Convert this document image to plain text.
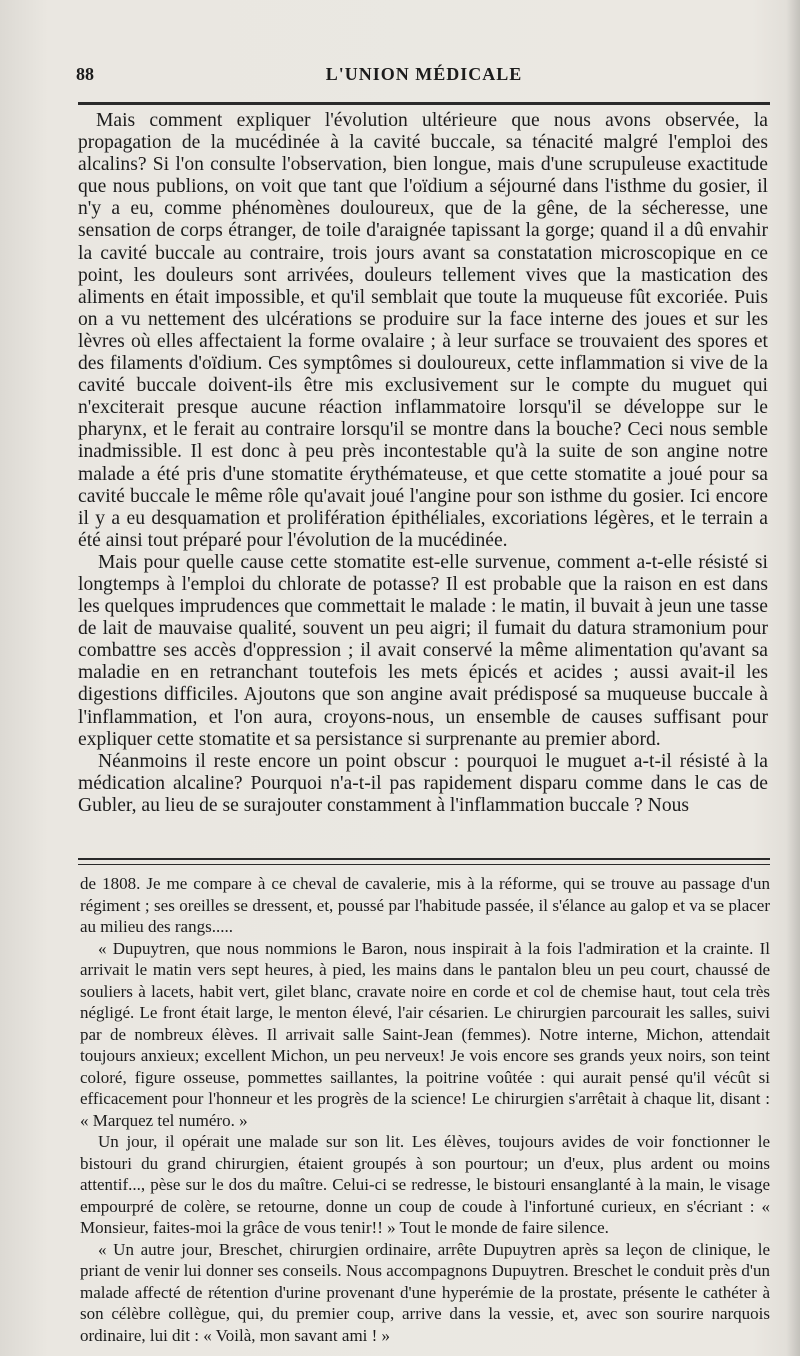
88	L'UNION MÉDICALE

Mais comment expliquer l'évolution ultérieure que nous avons observée, la propagation de la mucédinée à la cavité buccale, sa ténacité malgré l'emploi des alcalins? Si l'on consulte l'observation, bien longue, mais d'une scrupuleuse exactitude que nous publions, on voit que tant que l'oïdium a séjourné dans l'isthme du gosier, il n'y a eu, comme phénomènes douloureux, que de la gêne, de la sécheresse, une sensation de corps étranger, de toile d'araignée tapissant la gorge; quand il a dû envahir la cavité buccale au contraire, trois jours avant sa constatation microscopique en ce point, les douleurs sont arrivées, douleurs tellement vives que la mastication des aliments en était impossible, et qu'il semblait que toute la muqueuse fût excoriée. Puis on a vu nettement des ulcérations se produire sur la face interne des joues et sur les lèvres où elles affectaient la forme ovalaire ; à leur surface se trouvaient des spores et des filaments d'oïdium. Ces symptômes si douloureux, cette inflammation si vive de la cavité buccale doivent-ils être mis exclusivement sur le compte du muguet qui n'exciterait presque aucune réaction inflammatoire lorsqu'il se développe sur le pharynx, et le ferait au contraire lorsqu'il se montre dans la bouche? Ceci nous semble inadmissible. Il est donc à peu près incontestable qu'à la suite de son angine notre malade a été pris d'une stomatite érythémateuse, et que cette stomatite a joué pour sa cavité buccale le même rôle qu'avait joué l'angine pour son isthme du gosier. Ici encore il y a eu desquamation et prolifération épithéliales, excoriations légères, et le terrain a été ainsi tout préparé pour l'évolution de la mucédinée.

Mais pour quelle cause cette stomatite est-elle survenue, comment a-t-elle résisté si longtemps à l'emploi du chlorate de potasse? Il est probable que la raison en est dans les quelques imprudences que commettait le malade : le matin, il buvait à jeun une tasse de lait de mauvaise qualité, souvent un peu aigri; il fumait du datura stramonium pour combattre ses accès d'oppression ; il avait conservé la même alimentation qu'avant sa maladie en en retranchant toutefois les mets épicés et acides ; aussi avait-il les digestions difficiles. Ajoutons que son angine avait prédisposé sa muqueuse buccale à l'inflammation, et l'on aura, croyons-nous, un ensemble de causes suffisant pour expliquer cette stomatite et sa persistance si surprenante au premier abord.

Néanmoins il reste encore un point obscur : pourquoi le muguet a-t-il résisté à la médication alcaline? Pourquoi n'a-t-il pas rapidement disparu comme dans le cas de Gubler, au lieu de se surajouter constamment à l'inflammation buccale ? Nous

de 1808. Je me compare à ce cheval de cavalerie, mis à la réforme, qui se trouve au passage d'un régiment ; ses oreilles se dressent, et, poussé par l'habitude passée, il s'élance au galop et va se placer au milieu des rangs.....

« Dupuytren, que nous nommions le Baron, nous inspirait à la fois l'admiration et la crainte. Il arrivait le matin vers sept heures, à pied, les mains dans le pantalon bleu un peu court, chaussé de souliers à lacets, habit vert, gilet blanc, cravate noire en corde et col de chemise haut, tout cela très négligé. Le front était large, le menton élevé, l'air césarien. Le chirurgien parcourait les salles, suivi par de nombreux élèves. Il arrivait salle Saint-Jean (femmes). Notre interne, Michon, attendait toujours anxieux; excellent Michon, un peu nerveux! Je vois encore ses grands yeux noirs, son teint coloré, figure osseuse, pommettes saillantes, la poitrine voûtée : qui aurait pensé qu'il vécût si efficacement pour l'honneur et les progrès de la science! Le chirurgien s'arrêtait à chaque lit, disant : « Marquez tel numéro. »

Un jour, il opérait une malade sur son lit. Les élèves, toujours avides de voir fonctionner le bistouri du grand chirurgien, étaient groupés à son pourtour; un d'eux, plus ardent ou moins attentif..., pèse sur le dos du maître. Celui-ci se redresse, le bistouri ensanglanté à la main, le visage empourpré de colère, se retourne, donne un coup de coude à l'infortuné curieux, en s'écriant : « Monsieur, faites-moi la grâce de vous tenir!! » Tout le monde de faire silence.

« Un autre jour, Breschet, chirurgien ordinaire, arrête Dupuytren après sa leçon de clinique, le priant de venir lui donner ses conseils. Nous accompagnons Dupuytren. Breschet le conduit près d'un malade affecté de rétention d'urine provenant d'une hyperémie de la prostate, présente le cathéter à son célèbre collègue, qui, du premier coup, arrive dans la vessie, et, avec son sourire narquois ordinaire, lui dit : « Voilà, mon savant ami ! »
